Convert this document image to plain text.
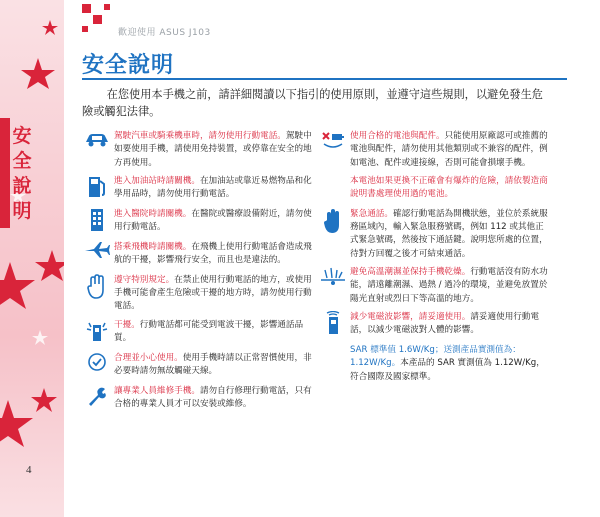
安
全
說
明
4
歡迎使用 ASUS J103
安全說明
在您使用本手機之前，請詳細閱讀以下指引的使用原則，並遵守這些規則，以避免發生危險或觸犯法律。
駕駛汽車或騎乘機車時，請勿使用行動電話。駕駛中如要使用手機，請使用免持裝置，或停靠在安全的地方再使用。
進入加油站時請關機。在加油站或靠近易燃物品和化學用品時，請勿使用行動電話。
進入醫院時請關機。在醫院或醫療設備附近，請勿使用行動電話。
搭乘飛機時請關機。在飛機上使用行動電話會造成飛航的干擾，影響飛行安全，而且也是違法的。
遵守特別規定。在禁止使用行動電話的地方，或使用手機可能會產生危險或干擾的地方時，請勿使用行動電話。
干擾。行動電話都可能受到電波干擾，影響通話品質。
合理並小心使用。使用手機時請以正常習慣使用，非必要時請勿無故觸碰天線。
讓專業人員維修手機。請勿自行修理行動電話，只有合格的專業人員才可以安裝或維修。
使用合格的電池與配件。只能使用原廠認可或推薦的電池與配件，請勿使用其他類別或不兼容的配件，例如電池、配件或連接線，否則可能會損壞手機。
本電池如果更換不正確會有爆炸的危險，請依製造商說明書處理使用過的電池。
緊急通話。確認行動電話為開機狀態，並位於系統服務區域內，輸入緊急服務號碼，例如 112 或其他正式緊急號碼，然後按下通話鍵。說明您所處的位置，待對方回覆之後才可結束通話。
避免高溫潮濕並保持手機乾燥。行動電話沒有防水功能，請遠離潮濕、過熱 / 過冷的環境，並避免放置於陽光直射或烈日下等高溫的地方。
減少電磁波影響，請妥適使用。請妥適使用行動電話，以減少電磁波對人體的影響。
SAR 標準值 1.6W/Kg；送測產品實測值為：1.12W/Kg。本產品的 SAR 實測值為 1.12W/Kg，符合國際及國家標準。
